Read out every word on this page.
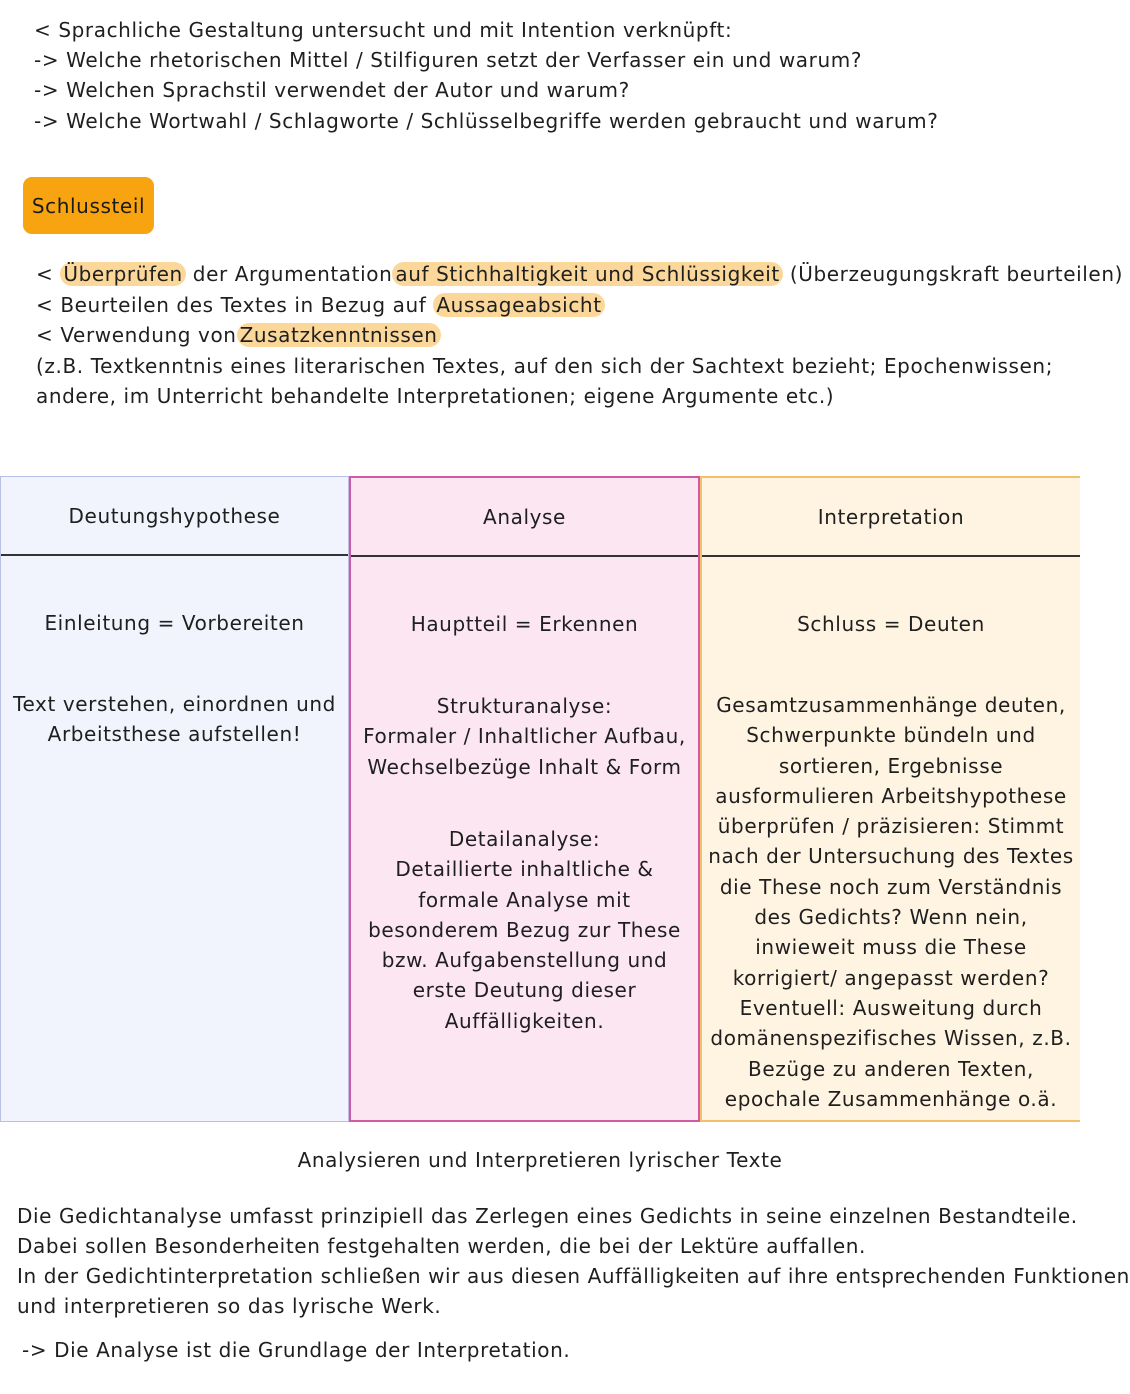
< Sprachliche Gestaltung untersucht und mit Intention verknüpft:
-> Welche rhetorischen Mittel / Stilfiguren setzt der Verfasser ein und warum?
-> Welchen Sprachstil verwendet der Autor und warum?
-> Welche Wortwahl / Schlagworte / Schlüsselbegriffe werden gebraucht und warum?
Schlussteil
< Überprüfen der Argumentation auf Stichhaltigkeit und Schlüssigkeit (Überzeugungskraft beurteilen)
< Beurteilen des Textes in Bezug auf Aussageabsicht
< Verwendung von Zusatzkenntnissen
(z.B. Textkenntnis eines literarischen Textes, auf den sich der Sachtext bezieht; Epochenwissen;
andere, im Unterricht behandelte Interpretationen; eigene Argumente etc.)
Deutungshypothese
Einleitung = Vorbereiten
Text verstehen, einordnen und
Arbeitsthese aufstellen!
Analyse
Hauptteil = Erkennen
Strukturanalyse:
Formaler / Inhaltlicher Aufbau,
Wechselbezüge Inhalt & Form
Detailanalyse:
Detaillierte inhaltliche &
formale Analyse mit
besonderem Bezug zur These
bzw. Aufgabenstellung und
erste Deutung dieser
Auffälligkeiten.
Interpretation
Schluss = Deuten
Gesamtzusammenhänge deuten,
Schwerpunkte bündeln und
sortieren, Ergebnisse
ausformulieren Arbeitshypothese
überprüfen / präzisieren: Stimmt
nach der Untersuchung des Textes
die These noch zum Verständnis
des Gedichts? Wenn nein,
inwieweit muss die These
korrigiert/ angepasst werden?
Eventuell: Ausweitung durch
domänenspezifisches Wissen, z.B.
Bezüge zu anderen Texten,
epochale Zusammenhänge o.ä.
Analysieren und Interpretieren lyrischer Texte
Die Gedichtanalyse umfasst prinzipiell das Zerlegen eines Gedichts in seine einzelnen Bestandteile.
Dabei sollen Besonderheiten festgehalten werden, die bei der Lektüre auffallen.
In der Gedichtinterpretation schließen wir aus diesen Auffälligkeiten auf ihre entsprechenden Funktionen
und interpretieren so das lyrische Werk.
-> Die Analyse ist die Grundlage der Interpretation.
